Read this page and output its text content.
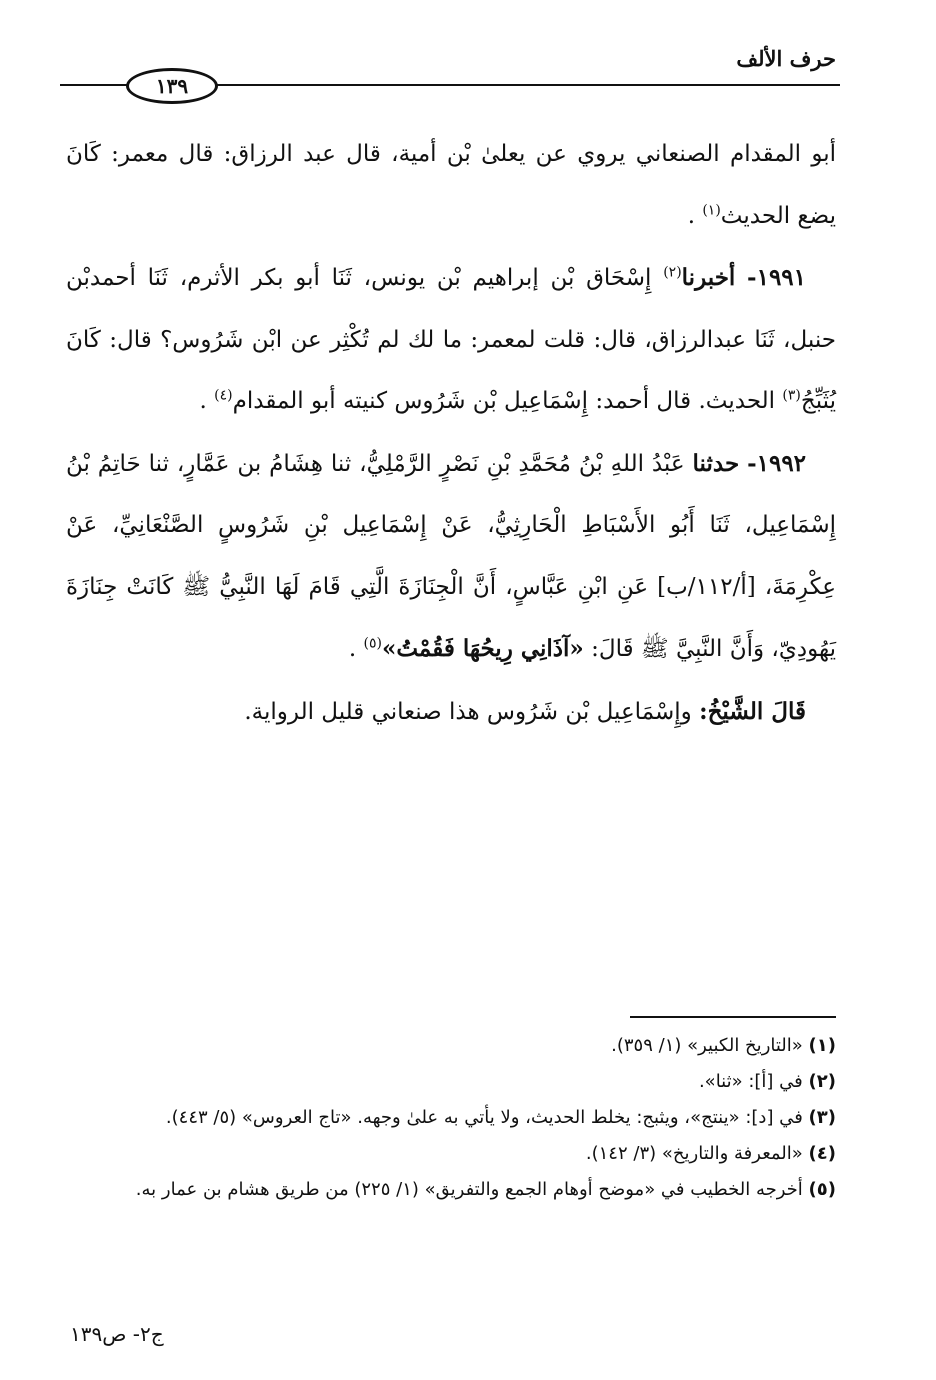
حرف الألف
١٣٩

أبو المقدام الصنعاني يروي عن يعلىٰ بْن أمية، قال عبد الرزاق: قال معمر: كَانَ يضع الحديث$^{(١)}$ .

١٩٩١- أخبرنا$^{(٢)}$ إِسْحَاق بْن إبراهيم بْن يونس، ثَنَا أبو بكر الأثرم، ثَنَا أحمدبْن حنبل، ثَنَا عبدالرزاق، قال: قلت لمعمر: ما لك لم تُكْثِر عن ابْن شَرُوس؟ قال: كَانَ يُثَبِّجُ$^{(٣)}$ الحديث. قال أحمد: إِسْمَاعِيل بْن شَرُوس كنيته أبو المقدام$^{(٤)}$ .

١٩٩٢- حدثنا عَبْدُ اللهِ بْنُ مُحَمَّدِ بْنِ نَصْرٍ الرَّمْلِيُّ، ثنا هِشَامُ بن عَمَّارٍ، ثنا حَاتِمُ بْنُ إِسْمَاعِيل، ثَنَا أَبُو الأَسْبَاطِ الْحَارِثِيُّ، عَنْ إِسْمَاعِيل بْنِ شَرُوسٍ الصَّنْعَانِيِّ، عَنْ عِكْرِمَةَ، [أ/١١٢/ب] عَنِ ابْنِ عَبَّاسٍ، أَنَّ الْجِنَازَةَ الَّتِي قَامَ لَهَا النَّبِيُّ ﷺ كَانَتْ جِنَازَةَ يَهُودِيّ، وَأَنَّ النَّبِيَّ ﷺ قَالَ: «آذَانِي رِيحُهَا فَقُمْتُ»$^{(٥)}$ .

قَالَ الشَّيْخُ: وإِسْمَاعِيل بْن شَرُوس هذا صنعاني قليل الرواية.

(١) «التاريخ الكبير» (١/ ٣٥٩).

(٢) في [أ]: «ثنا».

(٣) في [د]: «ينتج»، ويثبج: يخلط الحديث، ولا يأتي به علىٰ وجهه. «تاج العروس» (٥/ ٤٤٣).

(٤) «المعرفة والتاريخ» (٣/ ١٤٢).

(٥) أخرجه الخطيب في «موضح أوهام الجمع والتفريق» (١/ ٢٢٥) من طريق هشام بن عمار به.

ج٢- ص١٣٩
